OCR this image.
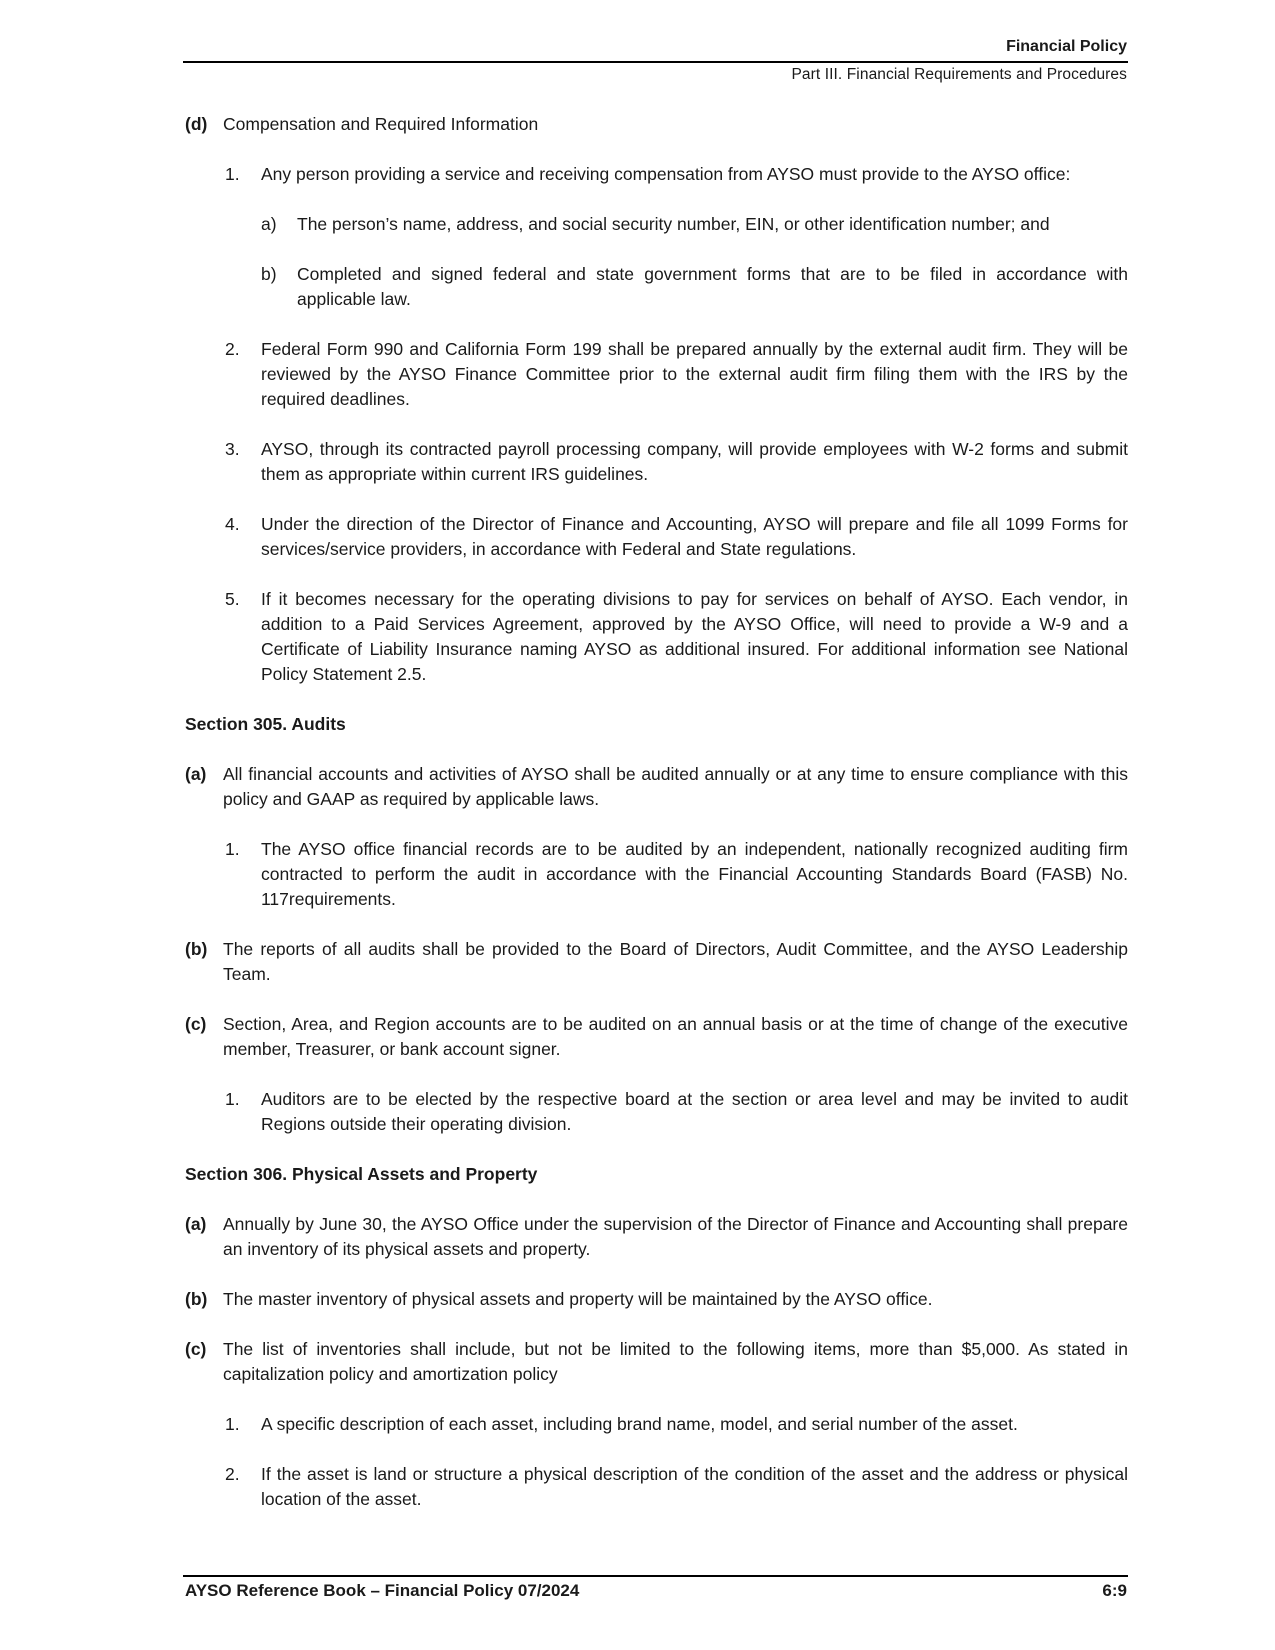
Financial Policy
Part III. Financial Requirements and Procedures

(d) Compensation and Required Information

1. Any person providing a service and receiving compensation from AYSO must provide to the AYSO office:

a) The person’s name, address, and social security number, EIN, or other identification number; and

b) Completed and signed federal and state government forms that are to be filed in accordance with applicable law.

2. Federal Form 990 and California Form 199 shall be prepared annually by the external audit firm. They will be reviewed by the AYSO Finance Committee prior to the external audit firm filing them with the IRS by the required deadlines.

3. AYSO, through its contracted payroll processing company, will provide employees with W-2 forms and submit them as appropriate within current IRS guidelines.

4. Under the direction of the Director of Finance and Accounting, AYSO will prepare and file all 1099 Forms for services/service providers, in accordance with Federal and State regulations.

5. If it becomes necessary for the operating divisions to pay for services on behalf of AYSO. Each vendor, in addition to a Paid Services Agreement, approved by the AYSO Office, will need to provide a W-9 and a Certificate of Liability Insurance naming AYSO as additional insured. For additional information see National Policy Statement 2.5.

Section 305. Audits

(a) All financial accounts and activities of AYSO shall be audited annually or at any time to ensure compliance with this policy and GAAP as required by applicable laws.

1. The AYSO office financial records are to be audited by an independent, nationally recognized auditing firm contracted to perform the audit in accordance with the Financial Accounting Standards Board (FASB) No. 117requirements.

(b) The reports of all audits shall be provided to the Board of Directors, Audit Committee, and the AYSO Leadership Team.

(c) Section, Area, and Region accounts are to be audited on an annual basis or at the time of change of the executive member, Treasurer, or bank account signer.

1. Auditors are to be elected by the respective board at the section or area level and may be invited to audit Regions outside their operating division.

Section 306. Physical Assets and Property

(a) Annually by June 30, the AYSO Office under the supervision of the Director of Finance and Accounting shall prepare an inventory of its physical assets and property.

(b) The master inventory of physical assets and property will be maintained by the AYSO office.

(c) The list of inventories shall include, but not be limited to the following items, more than $5,000. As stated in capitalization policy and amortization policy

1. A specific description of each asset, including brand name, model, and serial number of the asset.

2. If the asset is land or structure a physical description of the condition of the asset and the address or physical location of the asset.

AYSO Reference Book – Financial Policy 07/2024	6:9
